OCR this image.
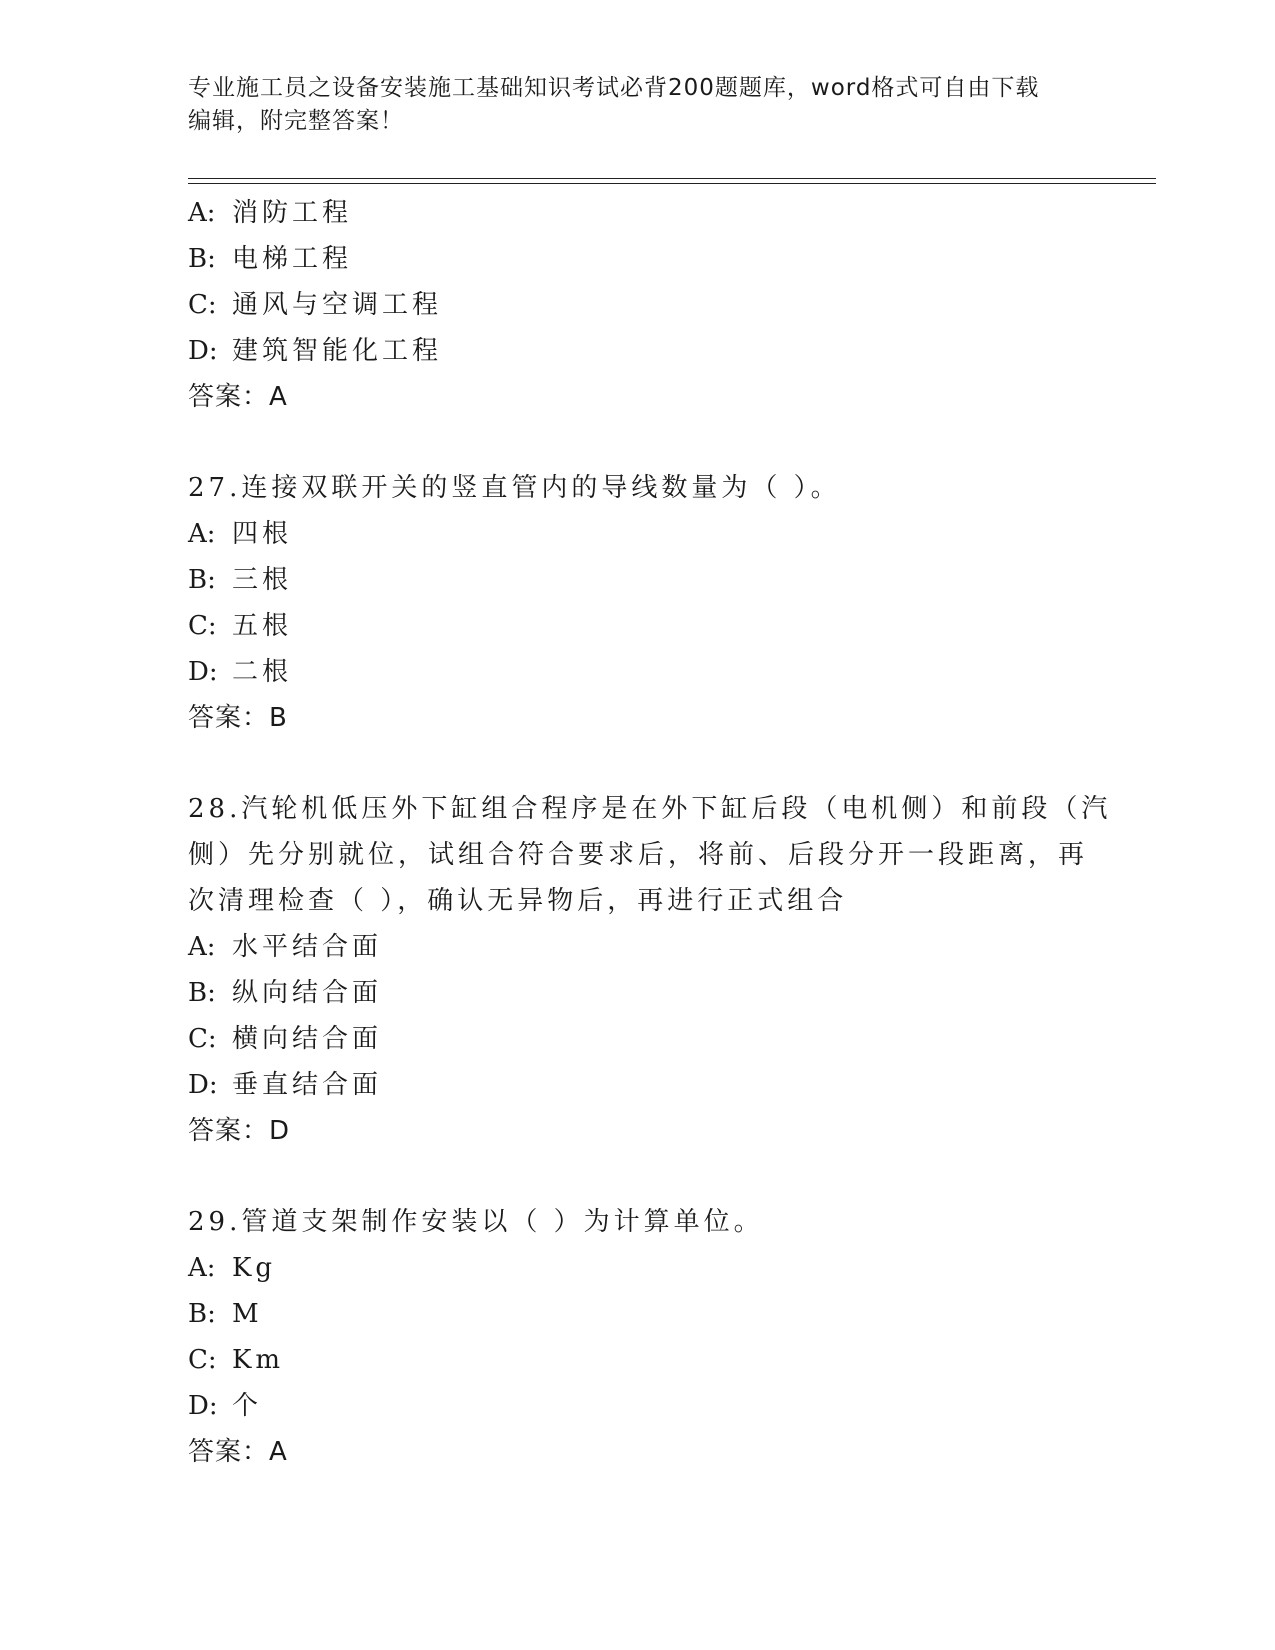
专业施工员之设备安装施工基础知识考试必背200题题库，word格式可自由下载
编辑，附完整答案！
A: 消防工程
B: 电梯工程
C: 通风与空调工程
D: 建筑智能化工程
答案：A
27.连接双联开关的竖直管内的导线数量为（ ）。
A: 四根
B: 三根
C: 五根
D: 二根
答案：B
28.汽轮机低压外下缸组合程序是在外下缸后段（电机侧）和前段（汽
侧）先分别就位，试组合符合要求后，将前、后段分开一段距离，再
次清理检查（ ），确认无异物后，再进行正式组合
A: 水平结合面
B: 纵向结合面
C: 横向结合面
D: 垂直结合面
答案：D
29.管道支架制作安装以（ ）为计算单位。
A: Kg
B: M
C: Km
D: 个
答案：A
